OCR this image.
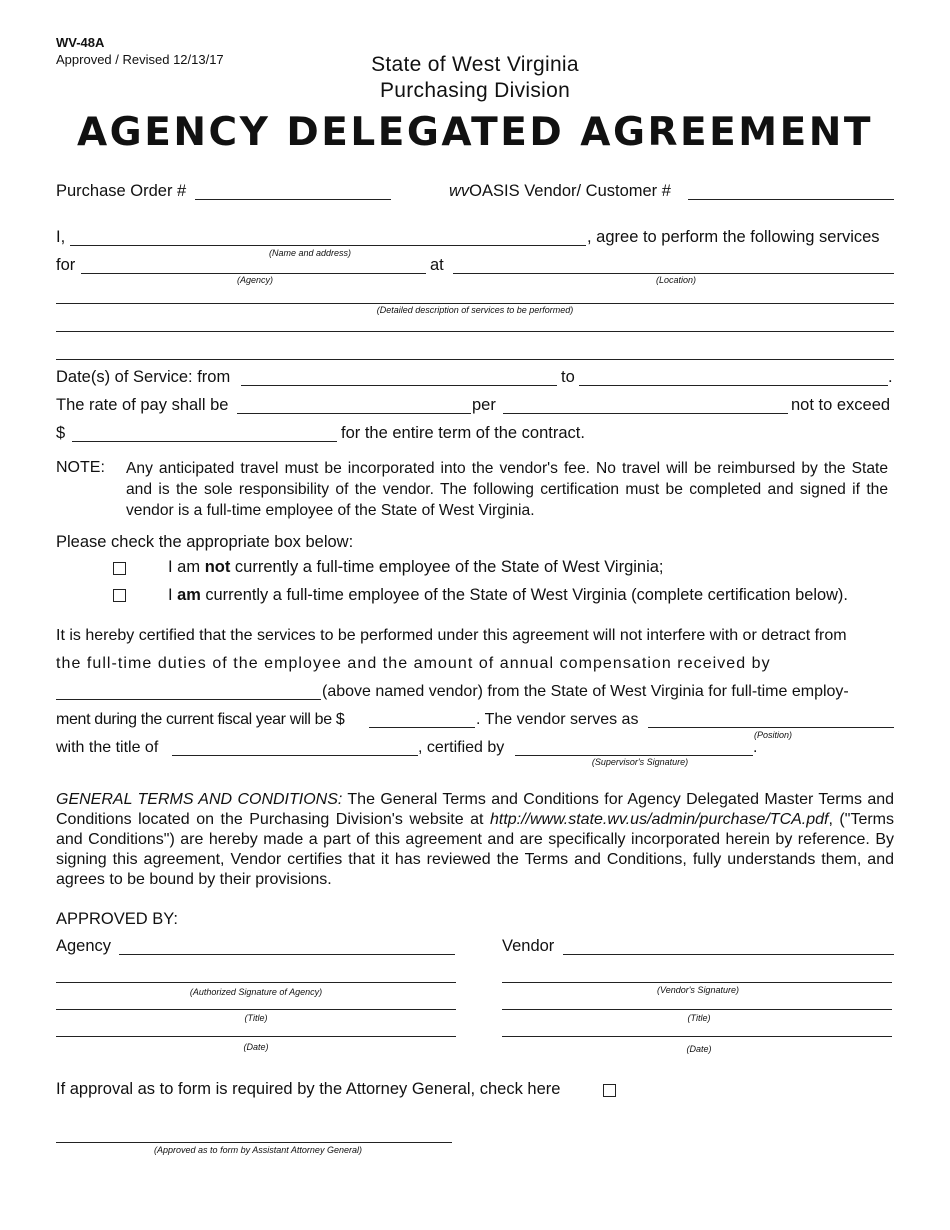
WV-48A
Approved / Revised 12/13/17	State of West Virginia
Purchasing Division
AGENCY DELEGATED AGREEMENT
Purchase Order #	wvOASIS Vendor/ Customer #
I,	, agree to perform the following services
(Name and address)
for	at
(Agency)	(Location)
(Detailed description of services to be performed)
Date(s) of Service: from	to	.
The rate of pay shall be	per	not to exceed
$	for the entire term of the contract.
NOTE: Any anticipated travel must be incorporated into the vendor's fee. No travel will be reimbursed by the State and is the sole responsibility of the vendor. The following certification must be completed and signed if the vendor is a full-time employee of the State of West Virginia.
Please check the appropriate box below:
I am not currently a full-time employee of the State of West Virginia;
I am currently a full-time employee of the State of West Virginia (complete certification below).
It is hereby certified that the services to be performed under this agreement will not interfere with or detract from
the full-time duties of the employee and the amount of annual compensation received by
(above named vendor) from the State of West Virginia for full-time employ-
ment during the current fiscal year will be $	. The vendor serves as
(Position)
with the title of	, certified by	.
(Supervisor's Signature)
GENERAL TERMS AND CONDITIONS: The General Terms and Conditions for Agency Delegated Master Terms and Conditions located on the Purchasing Division's website at http://www.state.wv.us/admin/purchase/TCA.pdf, ("Terms and Conditions") are hereby made a part of this agreement and are specifically incorporated herein by reference. By signing this agreement, Vendor certifies that it has reviewed the Terms and Conditions, fully understands them, and agrees to be bound by their provisions.
APPROVED BY:
Agency	Vendor
(Authorized Signature of Agency)	(Vendor's Signature)
(Title)	(Title)
(Date)	(Date)
If approval as to form is required by the Attorney General, check here
(Approved as to form by Assistant Attorney General)
